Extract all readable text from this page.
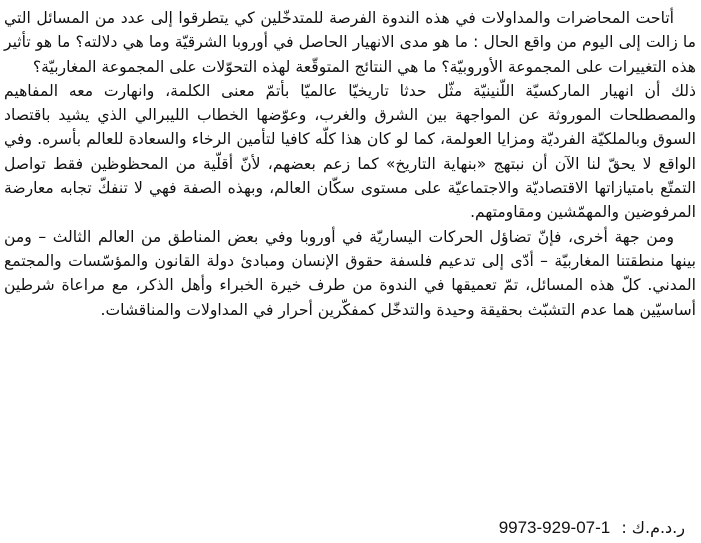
أتاحت المحاضرات والمداولات في هذه الندوة الفرصة للمتدخّلين كي يتطرقوا إلى عدد من المسائل التي ما زالت إلى اليوم من واقع الحال : ما هو مدى الانهيار الحاصل في أوروبا الشرقيّة وما هي دلالته؟ ما هو تأثير هذه التغييرات على المجموعة الأوروبيّة؟ ما هي النتائج المتوقّعة لهذه التحوّلات على المجموعة المغاربيّة؟

ذلك أن انهيار الماركسيّة اللّنينيّة مثّل حدثا تاريخيّا عالميّا بأتمّ معنى الكلمة، وانهارت معه المفاهيم والمصطلحات الموروثة عن المواجهة بين الشرق والغرب، وعوّضها الخطاب الليبرالي الذي يشيد باقتصاد السوق وبالملكيّة الفرديّة ومزايا العولمة، كما لو كان هذا كلّه كافيا لتأمين الرخاء والسعادة للعالم بأسره. وفي الواقع لا يحقّ لنا الآن أن نبتهج «بنهاية التاريخ» كما زعم بعضهم، لأنّ أقلّية من المحظوظين فقط تواصل التمتّع بامتيازاتها الاقتصاديّة والاجتماعيّة على مستوى سكّان العالم، وبهذه الصفة فهي لا تنفكّ تجابه معارضة المرفوضين والمهمّشين ومقاومتهم.

ومن جهة أخرى، فإنّ تضاؤل الحركات اليساريّة في أوروبا وفي بعض المناطق من العالم الثالث – ومن بينها منطقتنا المغاربيّة – أدّى إلى تدعيم فلسفة حقوق الإنسان ومبادئ دولة القانون والمؤسّسات والمجتمع المدني. كلّ هذه المسائل، تمّ تعميقها في الندوة من طرف خيرة الخبراء وأهل الذكر، مع مراعاة شرطين أساسيّين هما عدم التشبّث بحقيقة وحيدة والتدخّل كمفكّرين أحرار في المداولات والمناقشات.

ر.د.م.ك : 9973-929-07-1
